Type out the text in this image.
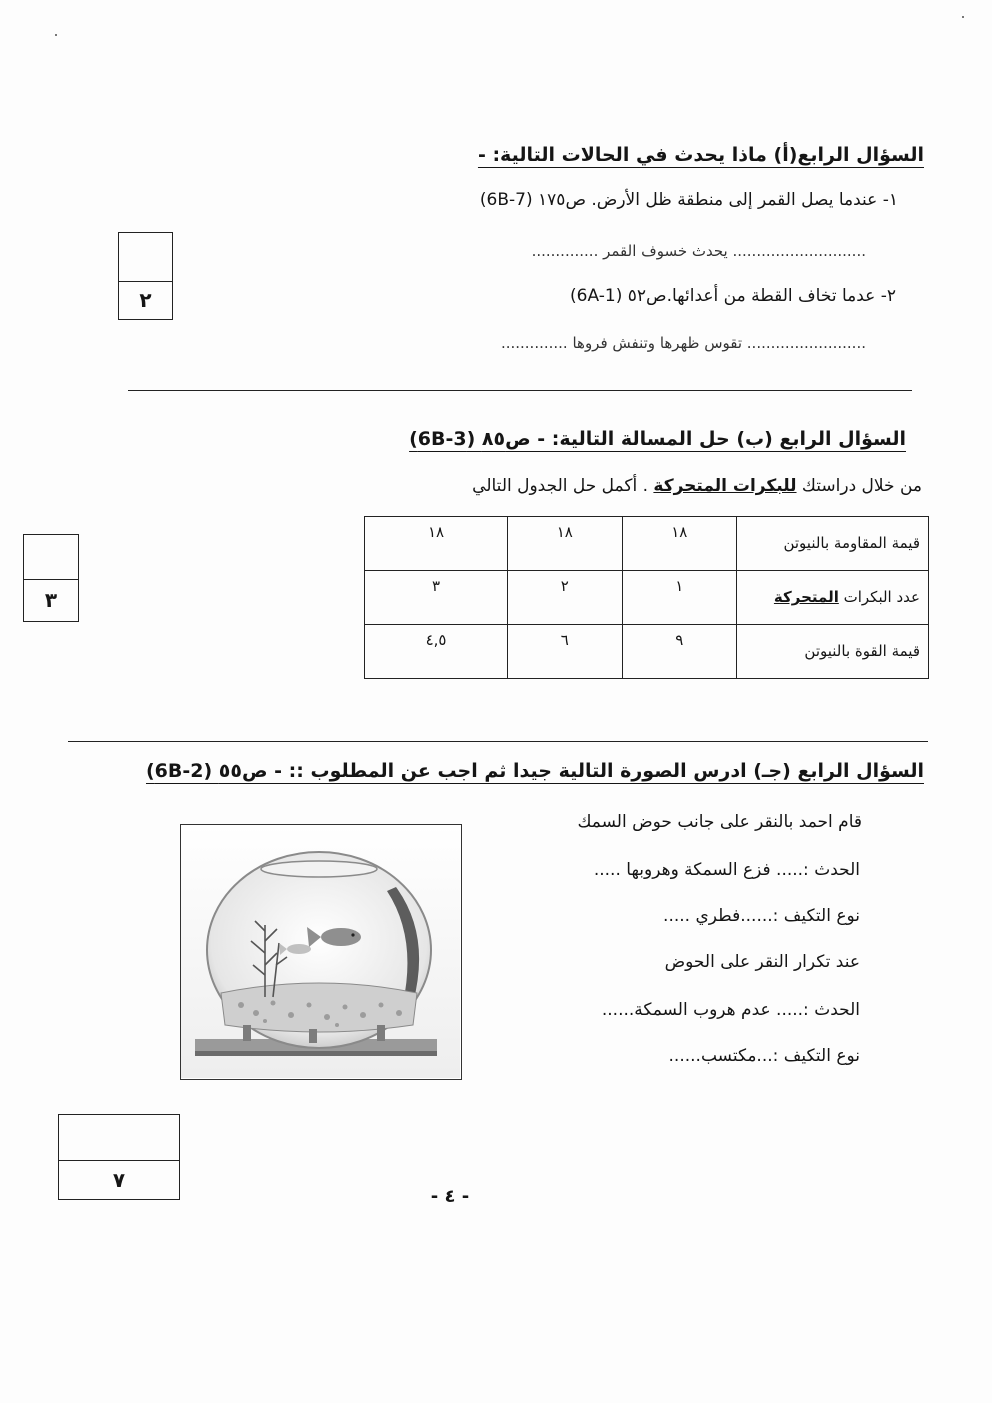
السؤال الرابع(أ) ماذا يحدث في الحالات التالية: -
١- عندما يصل القمر إلى منطقة ظل الأرض. ص١٧٥ (6B-7)
............................ يحدث خسوف القمر ..............
٢- عدما تخاف القطة من أعدائها.ص٥٢ (6A-1)
......................... تقوس ظهرها وتنفش فروها ..............
٢
السؤال الرابع (ب) حل المسالة التالية: - ص٨٥ (6B-3)
من خلال دراستك للبكرات المتحركة . أكمل حل الجدول التالي
قيمة المقاومة بالنيوتن	١٨	١٨	١٨
عدد البكرات المتحركة	١	٢	٣
قيمة القوة بالنيوتن	٩	٦	٤,٥
٣
السؤال الرابع (جـ) ادرس الصورة التالية جيدا ثم اجب عن المطلوب :: - ص٥٥ (6B-2)
قام احمد بالنقر على جانب حوض السمك
الحدث :..... فزع السمكة وهروبها .....
نوع التكيف :......فطري .....
عند تكرار النقر على الحوض
الحدث :..... عدم هروب السمكة......
نوع التكيف :...مكتسب......
٧
- ٤ -
